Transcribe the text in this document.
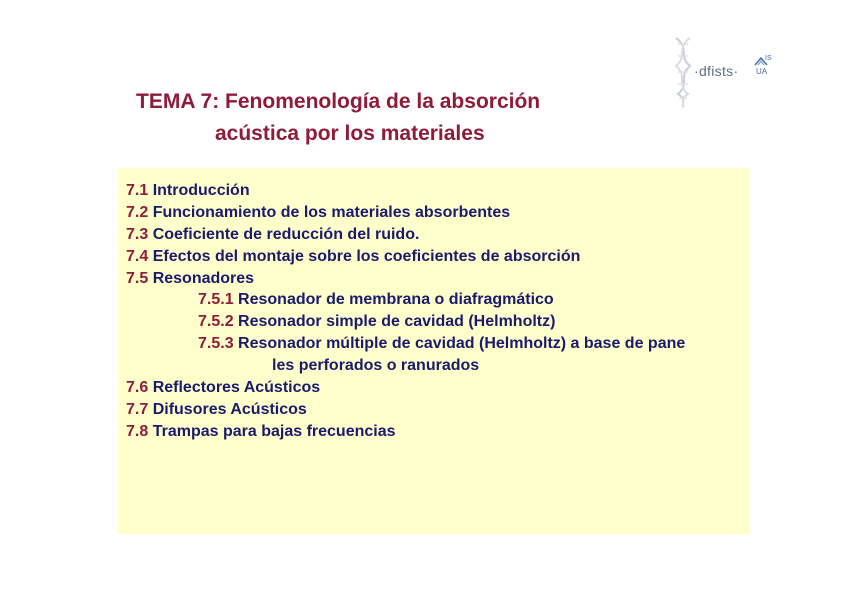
·dfists·
IS
UA
TEMA 7: Fenomenología de la absorción
acústica por los materiales
7.1 Introducción
7.2 Funcionamiento de los materiales absorbentes
7.3 Coeficiente de reducción del ruido.
7.4 Efectos del montaje sobre los coeficientes de absorción
7.5 Resonadores
7.5.1 Resonador de membrana o diafragmático
7.5.2 Resonador simple de cavidad (Helmholtz)
7.5.3 Resonador múltiple de cavidad (Helmholtz) a base de pane
les perforados o ranurados
7.6 Reflectores Acústicos
7.7 Difusores Acústicos
7.8 Trampas para bajas frecuencias
